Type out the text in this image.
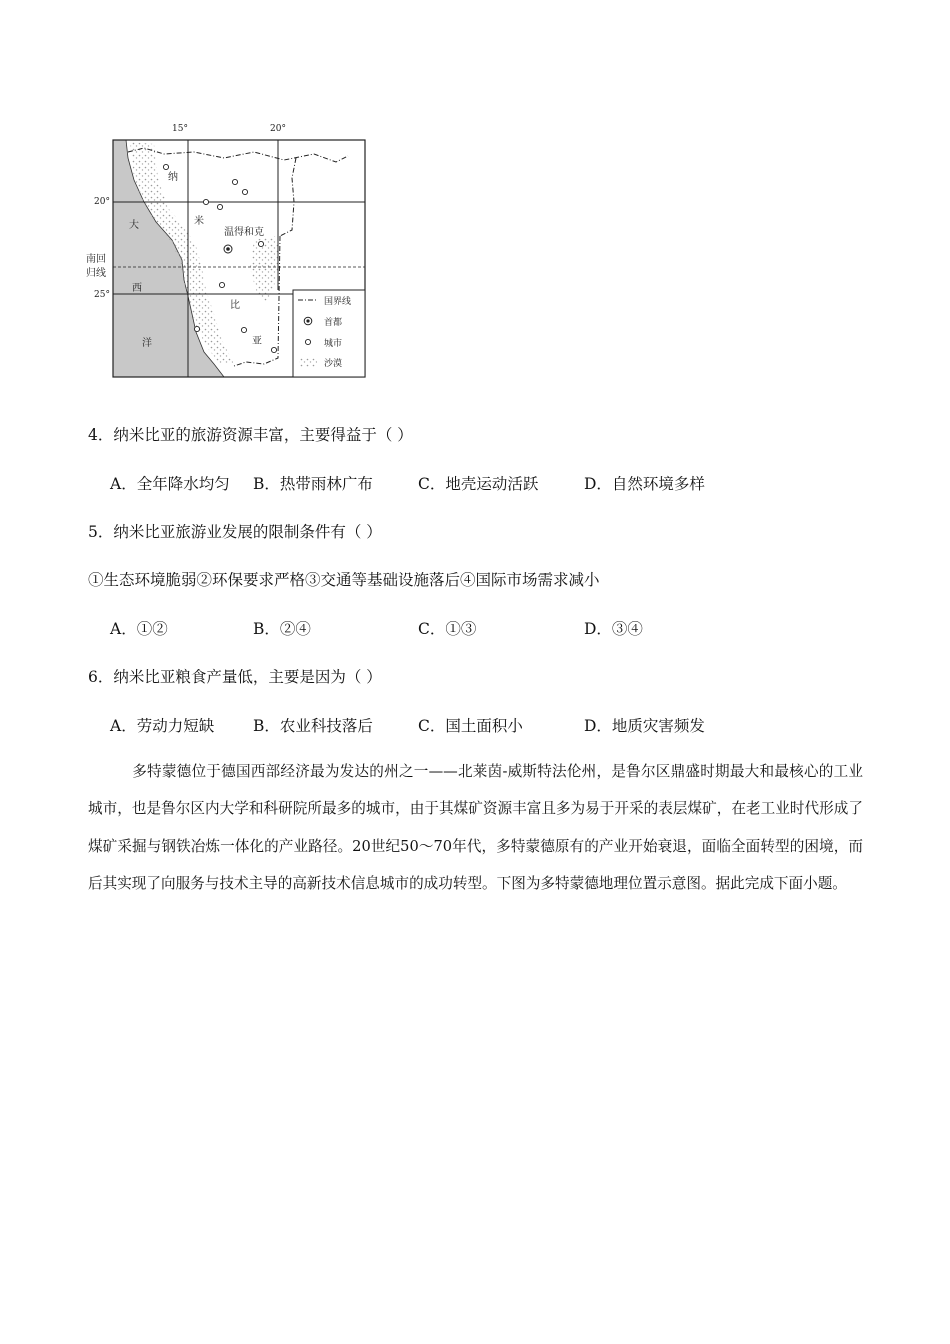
15°	20°
20°
25°
南回
归线
大
西
洋
纳
米
比
亚
温得和克
国界线
首都
城市
沙漠
4．纳米比亚的旅游资源丰富，主要得益于（ ）
A．全年降水均匀 B．热带雨林广布	C．地壳运动活跃	D．自然环境多样
5．纳米比亚旅游业发展的限制条件有（ ）
①生态环境脆弱②环保要求严格③交通等基础设施落后④国际市场需求减小
A．①②	B．②④	C．①③	D．③④
6．纳米比亚粮食产量低，主要是因为（ ）
A．劳动力短缺	B．农业科技落后	C．国土面积小	D．地质灾害频发
多特蒙德位于德国西部经济最为发达的州之一——北莱茵-威斯特法伦州，是鲁尔区鼎盛时期最大和最核心的工业城市，也是鲁尔区内大学和科研院所最多的城市，由于其煤矿资源丰富且多为易于开采的表层煤矿，在老工业时代形成了煤矿采掘与钢铁冶炼一体化的产业路径。20世纪50～70年代，多特蒙德原有的产业开始衰退，面临全面转型的困境，而后其实现了向服务与技术主导的高新技术信息城市的成功转型。下图为多特蒙德地理位置示意图。据此完成下面小题。
